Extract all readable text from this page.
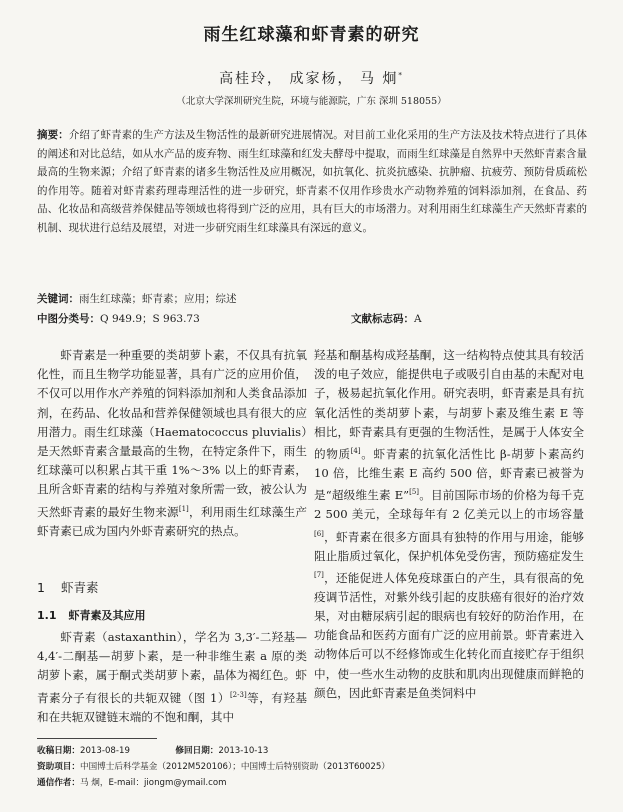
雨生红球藻和虾青素的研究
高桂玲， 成家杨， 马 炯*
（北京大学深圳研究生院，环境与能源院，广东 深圳 518055）
摘要：介绍了虾青素的生产方法及生物活性的最新研究进展情况。对目前工业化采用的生产方法及技术特点进行了具体的阐述和对比总结，如从水产品的废弃物、雨生红球藻和红发夫酵母中提取，而雨生红球藻是自然界中天然虾青素含量最高的生物来源；介绍了虾青素的诸多生物活性及应用概况，如抗氧化、抗炎抗感染、抗肿瘤、抗疲劳、预防骨质疏松的作用等。随着对虾青素药理毒理活性的进一步研究，虾青素不仅用作珍贵水产动物养殖的饲料添加剂，在食品、药品、化妆品和高级营养保健品等领域也将得到广泛的应用，具有巨大的市场潜力。对利用雨生红球藻生产天然虾青素的机制、现状进行总结及展望，对进一步研究雨生红球藻具有深远的意义。
关键词：雨生红球藻；虾青素；应用；综述
中图分类号：Q 949.9；S 963.73	文献标志码：A

虾青素是一种重要的类胡萝卜素，不仅具有抗氧化性，而且生物学功能显著，具有广泛的应用价值，不仅可以用作水产养殖的饲料添加剂和人类食品添加剂，在药品、化妆品和营养保健领域也具有很大的应用潜力。雨生红球藻（Haematococcus pluvialis）是天然虾青素含量最高的生物，在特定条件下，雨生红球藻可以积累占其干重 1%～3% 以上的虾青素，且所含虾青素的结构与养殖对象所需一致，被公认为天然虾青素的最好生物来源[1]，利用雨生红球藻生产虾青素已成为国内外虾青素研究的热点。

1 虾青素
1.1 虾青素及其应用

虾青素（astaxanthin），学名为 3,3′-二羟基—4,4′-二酮基—胡萝卜素，是一种非维生素 a 原的类胡萝卜素，属于酮式类胡萝卜素，晶体为褐红色。虾青素分子有很长的共轭双键（图 1）[2-3]等，有羟基和在共轭双键链末端的不饱和酮，其中

羟基和酮基构成羟基酮，这一结构特点使其具有较活泼的电子效应，能提供电子或吸引自由基的未配对电子，极易起抗氧化作用。研究表明，虾青素是具有抗氧化活性的类胡萝卜素，与胡萝卜素及维生素 E 等相比，虾青素具有更强的生物活性，是属于人体安全的物质[4]。虾青素的抗氧化活性比 β-胡萝卜素高约 10 倍，比维生素 E 高约 500 倍，虾青素已被誉为是“超级维生素 E”[5]。目前国际市场的价格为每千克 2 500 美元，全球每年有 2 亿美元以上的市场容量[6]，虾青素在很多方面具有独特的作用与用途，能够阻止脂质过氧化，保护机体免受伤害，预防癌症发生[7]，还能促进人体免疫球蛋白的产生，具有很高的免疫调节活性，对紫外线引起的皮肤癌有很好的治疗效果，对由糖尿病引起的眼病也有较好的防治作用，在功能食品和医药方面有广泛的应用前景。虾青素进入动物体后可以不经修饰或生化转化而直接贮存于组织中，使一些水生动物的皮肤和肌肉出现健康而鲜艳的颜色，因此虾青素是鱼类饲料中

收稿日期：2013-08-19	修回日期：2013-10-13
资助项目：中国博士后科学基金（2012M520106）；中国博士后特别资助（2013T60025）
通信作者：马 炯，E-mail：jiongm@ymail.com
